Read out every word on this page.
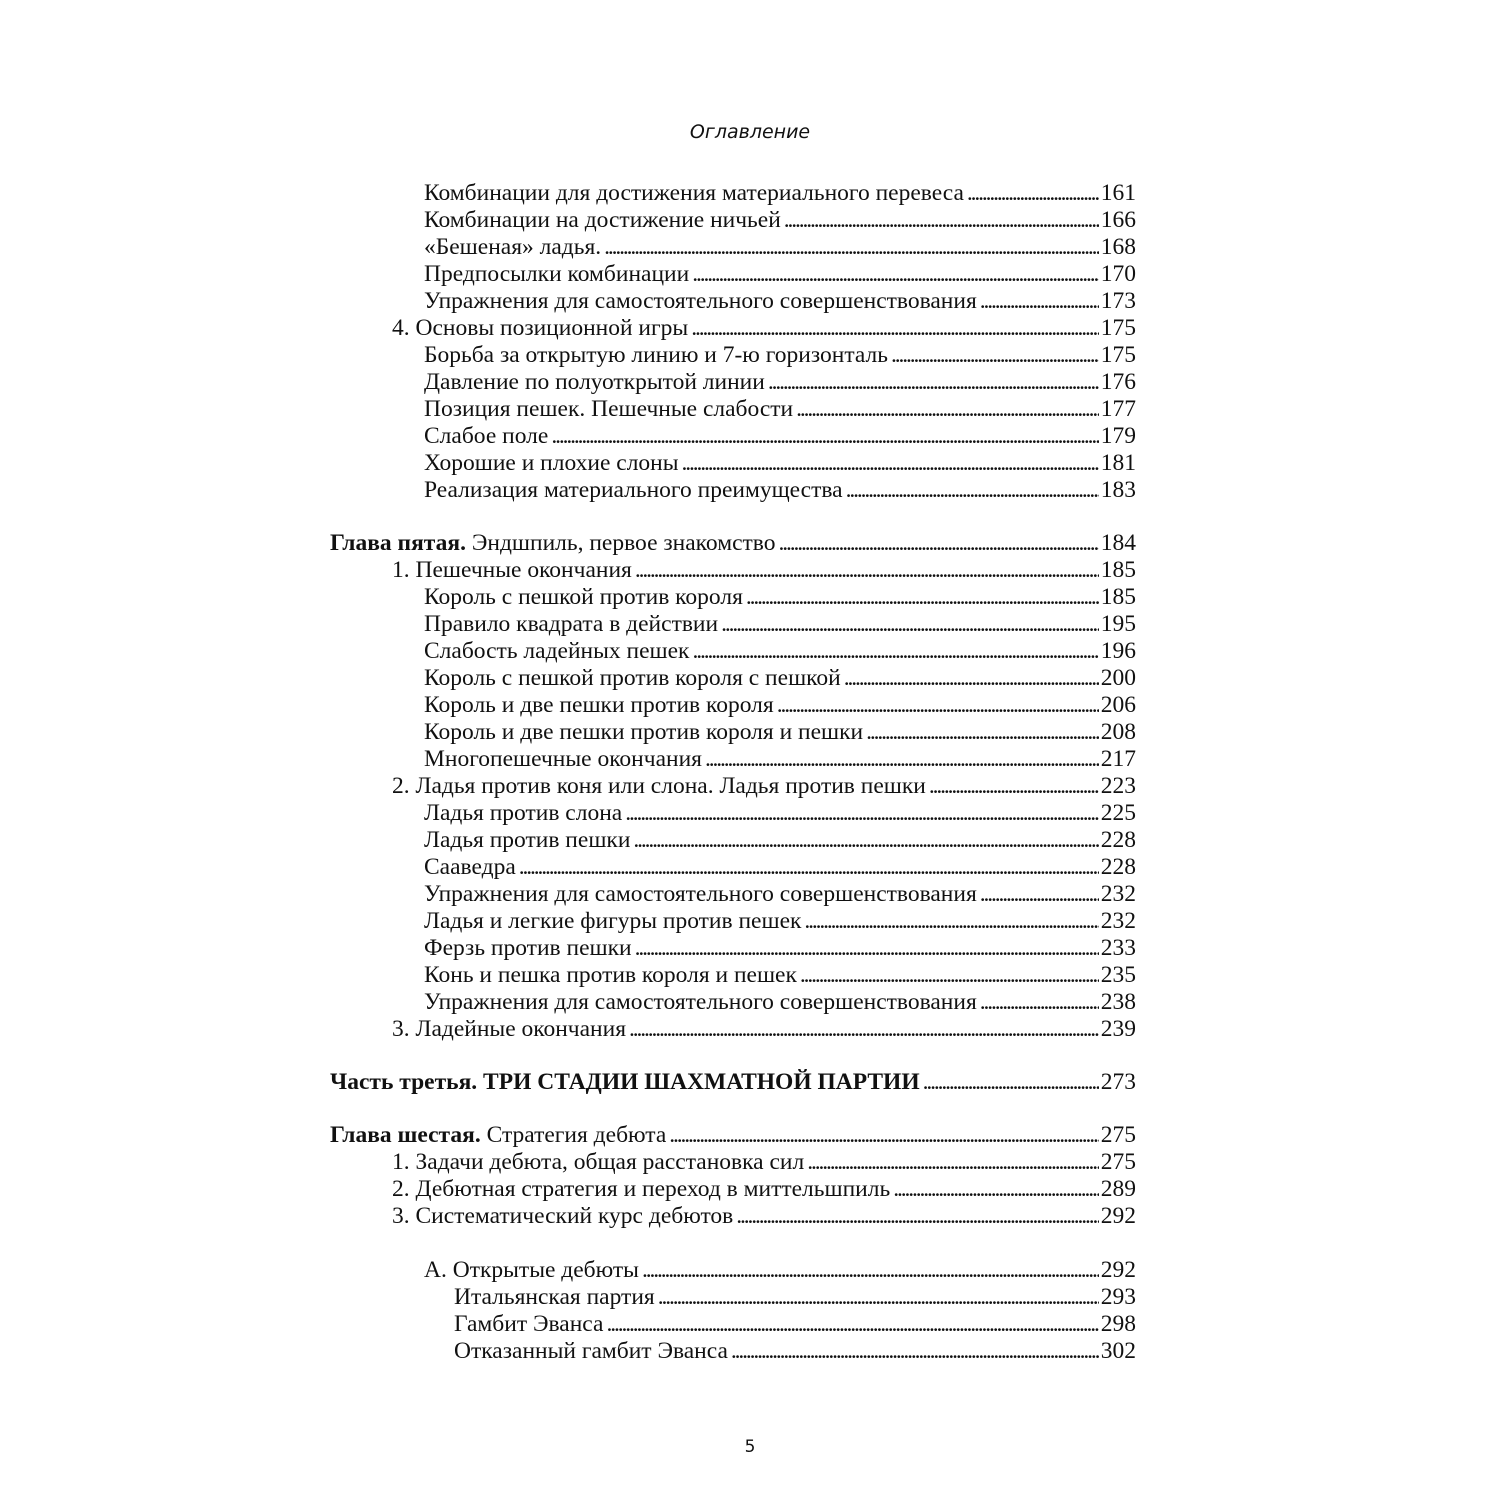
Оглавление
Комбинации для достижения материального перевеса . . .	161
Комбинации на достижение ничьей . . .	166
«Бешеная» ладья. . . .	168
Предпосылки комбинации . . .	170
Упражнения для самостоятельного совершенствования . . .	173
4. Основы позиционной игры . . .	175
Борьба за открытую линию и 7-ю горизонталь . . .	175
Давление по полуоткрытой линии . . .	176
Позиция пешек. Пешечные слабости . . .	177
Слабое поле . . .	179
Хорошие и плохие слоны . . .	181
Реализация материального преимущества . . .	183
Глава пятая. Эндшпиль, первое знакомство . . .	184
1. Пешечные окончания . . .	185
Король с пешкой против короля . . .	185
Правило квадрата в действии . . .	195
Слабость ладейных пешек . . .	196
Король с пешкой против короля с пешкой . . .	200
Король и две пешки против короля . . .	206
Король и две пешки против короля и пешки . . .	208
Многопешечные окончания . . .	217
2. Ладья против коня или слона. Ладья против пешки . . .	223
Ладья против слона . . .	225
Ладья против пешки . . .	228
Сааведра . . .	228
Упражнения для самостоятельного совершенствования . . .	232
Ладья и легкие фигуры против пешек . . .	232
Ферзь против пешки . . .	233
Конь и пешка против короля и пешек . . .	235
Упражнения для самостоятельного совершенствования . . .	238
3. Ладейные окончания . . .	239
Часть третья. ТРИ СТАДИИ ШАХМАТНОЙ ПАРТИИ . . .	273
Глава шестая. Стратегия дебюта . . .	275
1. Задачи дебюта, общая расстановка сил . . .	275
2. Дебютная стратегия и переход в миттельшпиль . . .	289
3. Систематический курс дебютов . . .	292
А. Открытые дебюты . . .	292
Итальянская партия . . .	293
Гамбит Эванса . . .	298
Отказанный гамбит Эванса . . .	302
5
